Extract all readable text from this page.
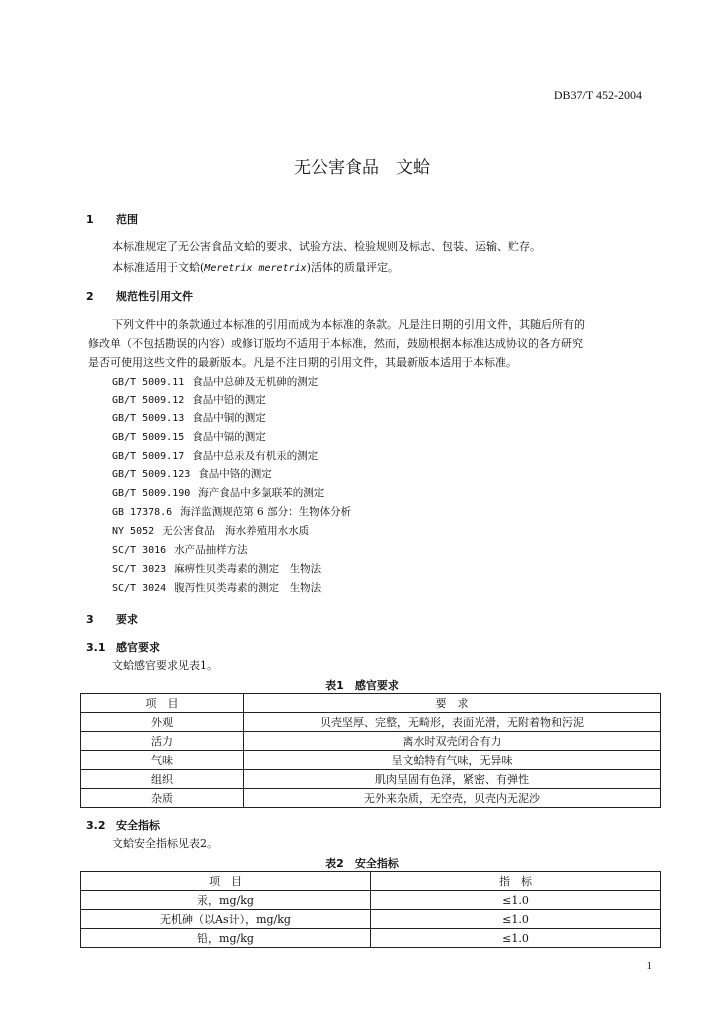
DB37/T 452-2004
无公害食品　文蛤
1 范围
本标准规定了无公害食品文蛤的要求、试验方法、检验规则及标志、包装、运输、贮存。
本标准适用于文蛤(Meretrix meretrix)活体的质量评定。
2 规范性引用文件
下列文件中的条款通过本标准的引用而成为本标准的条款。凡是注日期的引用文件，其随后所有的
修改单（不包括勘误的内容）或修订版均不适用于本标准，然而，鼓励根据本标准达成协议的各方研究
是否可使用这些文件的最新版本。凡是不注日期的引用文件，其最新版本适用于本标准。
GB/T 5009.11 食品中总砷及无机砷的测定
GB/T 5009.12 食品中铅的测定
GB/T 5009.13 食品中铜的测定
GB/T 5009.15 食品中镉的测定
GB/T 5009.17 食品中总汞及有机汞的测定
GB/T 5009.123 食品中铬的测定
GB/T 5009.190 海产食品中多氯联苯的测定
GB 17378.6 海洋监测规范第 6 部分：生物体分析
NY 5052 无公害食品　海水养殖用水水质
SC/T 3016 水产品抽样方法
SC/T 3023 麻痹性贝类毒素的测定　生物法
SC/T 3024 腹泻性贝类毒素的测定　生物法
3 要求
3.1 感官要求
文蛤感官要求见表1。
表1　感官要求
项　目	要　求
外观	贝壳坚厚、完整，无畸形，表面光滑，无附着物和污泥
活力	离水时双壳闭合有力
气味	呈文蛤特有气味，无异味
组织	肌肉呈固有色泽，紧密、有弹性
杂质	无外来杂质，无空壳，贝壳内无泥沙
3.2 安全指标
文蛤安全指标见表2。
表2　安全指标
项　目	指　标
汞，mg/kg	≤1.0
无机砷（以As计），mg/kg	≤1.0
铅，mg/kg	≤1.0
1
